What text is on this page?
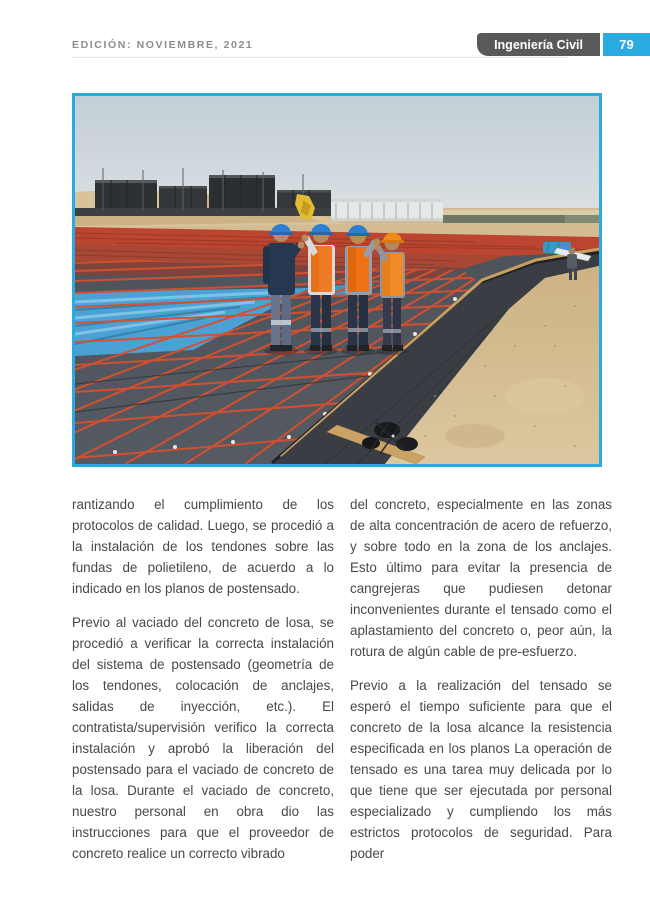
EDICIÓN: NOVIEMBRE, 2021	Ingeniería Civil	79

rantizando el cumplimiento de los protocolos de calidad. Luego, se procedió a la instalación de los tendones sobre las fundas de polietileno, de acuerdo a lo indicado en los planos de postensado.

Previo al vaciado del concreto de losa, se procedió a verificar la correcta instalación del sistema de postensado (geometría de los tendones, colocación de anclajes, salidas de inyección, etc.). El contratista/supervisión verifico la correcta instalación y aprobó la liberación del postensado para el vaciado de concreto de la losa. Durante el vaciado de concreto, nuestro personal en obra dio las instrucciones para que el proveedor de concreto realice un correcto vibrado

del concreto, especialmente en las zonas de alta concentración de acero de refuerzo, y sobre todo en la zona de los anclajes. Esto último para evitar la presencia de cangrejeras que pudiesen detonar inconvenientes durante el tensado como el aplastamiento del concreto o, peor aún, la rotura de algún cable de pre-esfuerzo.

Previo a la realización del tensado se esperó el tiempo suficiente para que el concreto de la losa alcance la resistencia especificada en los planos La operación de tensado es una tarea muy delicada por lo que tiene que ser ejecutada por personal especializado y cumpliendo los más estrictos protocolos de seguridad. Para poder
